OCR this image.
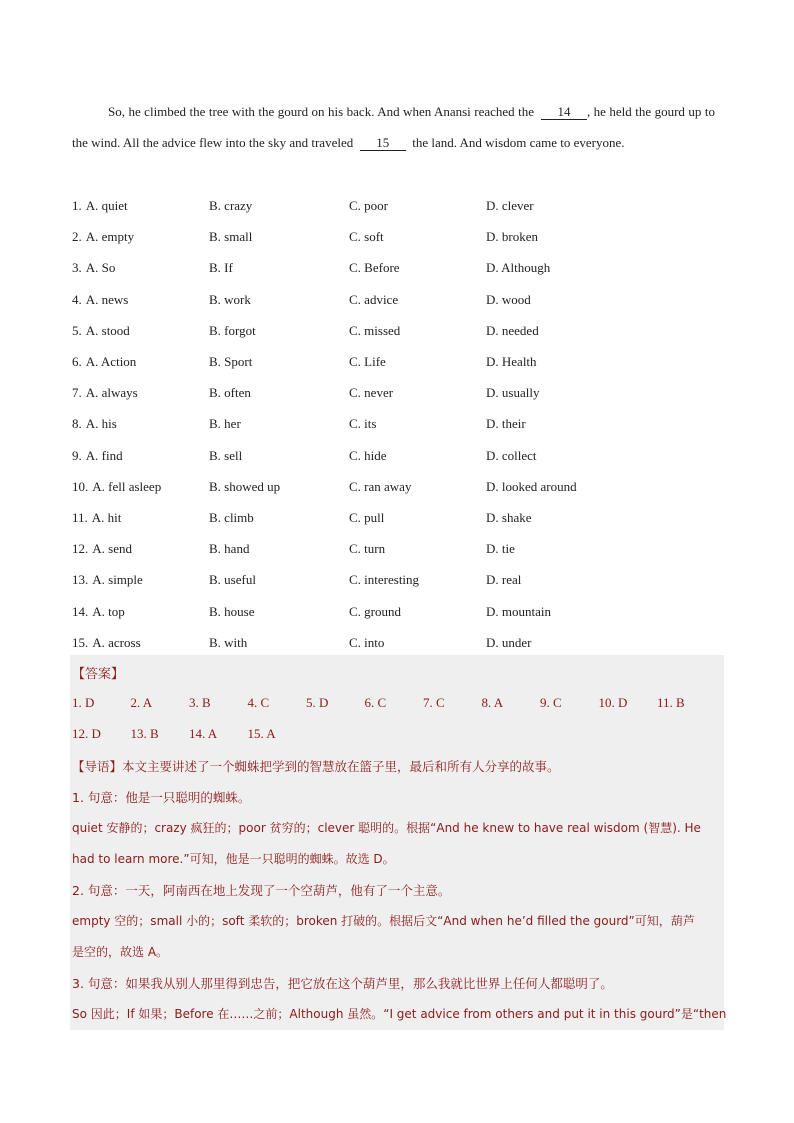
So, he climbed the tree with the gourd on his back. And when Anansi reached the 14 , he held the gourd up to the wind. All the advice flew into the sky and traveled 15 the land. And wisdom came to everyone.

1. A. quiet	B. crazy	C. poor	D. clever
2. A. empty	B. small	C. soft	D. broken
3. A. So	B. If	C. Before	D. Although
4. A. news	B. work	C. advice	D. wood
5. A. stood	B. forgot	C. missed	D. needed
6. A. Action	B. Sport	C. Life	D. Health
7. A. always	B. often	C. never	D. usually
8. A. his	B. her	C. its	D. their
9. A. find	B. sell	C. hide	D. collect
10. A. fell asleep	B. showed up	C. ran away	D. looked around
11. A. hit	B. climb	C. pull	D. shake
12. A. send	B. hand	C. turn	D. tie
13. A. simple	B. useful	C. interesting	D. real
14. A. top	B. house	C. ground	D. mountain
15. A. across	B. with	C. into	D. under
【答案】
1. D	2. A	3. B	4. C	5. D	6. C	7. C	8. A	9. C	10. D 11. B
12. D 13. B 14. A 15. A
【导语】本文主要讲述了一个蜘蛛把学到的智慧放在篮子里，最后和所有人分享的故事。
1. 句意：他是一只聪明的蜘蛛。
quiet 安静的；crazy 疯狂的；poor 贫穷的；clever 聪明的。根据“And he knew to have real wisdom (智慧). He
had to learn more.”可知，他是一只聪明的蜘蛛。故选 D。
2. 句意：一天，阿南西在地上发现了一个空葫芦，他有了一个主意。
empty 空的；small 小的；soft 柔软的；broken 打破的。根据后文“And when he’d filled the gourd”可知，葫芦
是空的，故选 A。
3. 句意：如果我从别人那里得到忠告，把它放在这个葫芦里，那么我就比世界上任何人都聪明了。
So 因此；If 如果；Before 在……之前；Although 虽然。“I get advice from others and put it in this gourd”是“then
